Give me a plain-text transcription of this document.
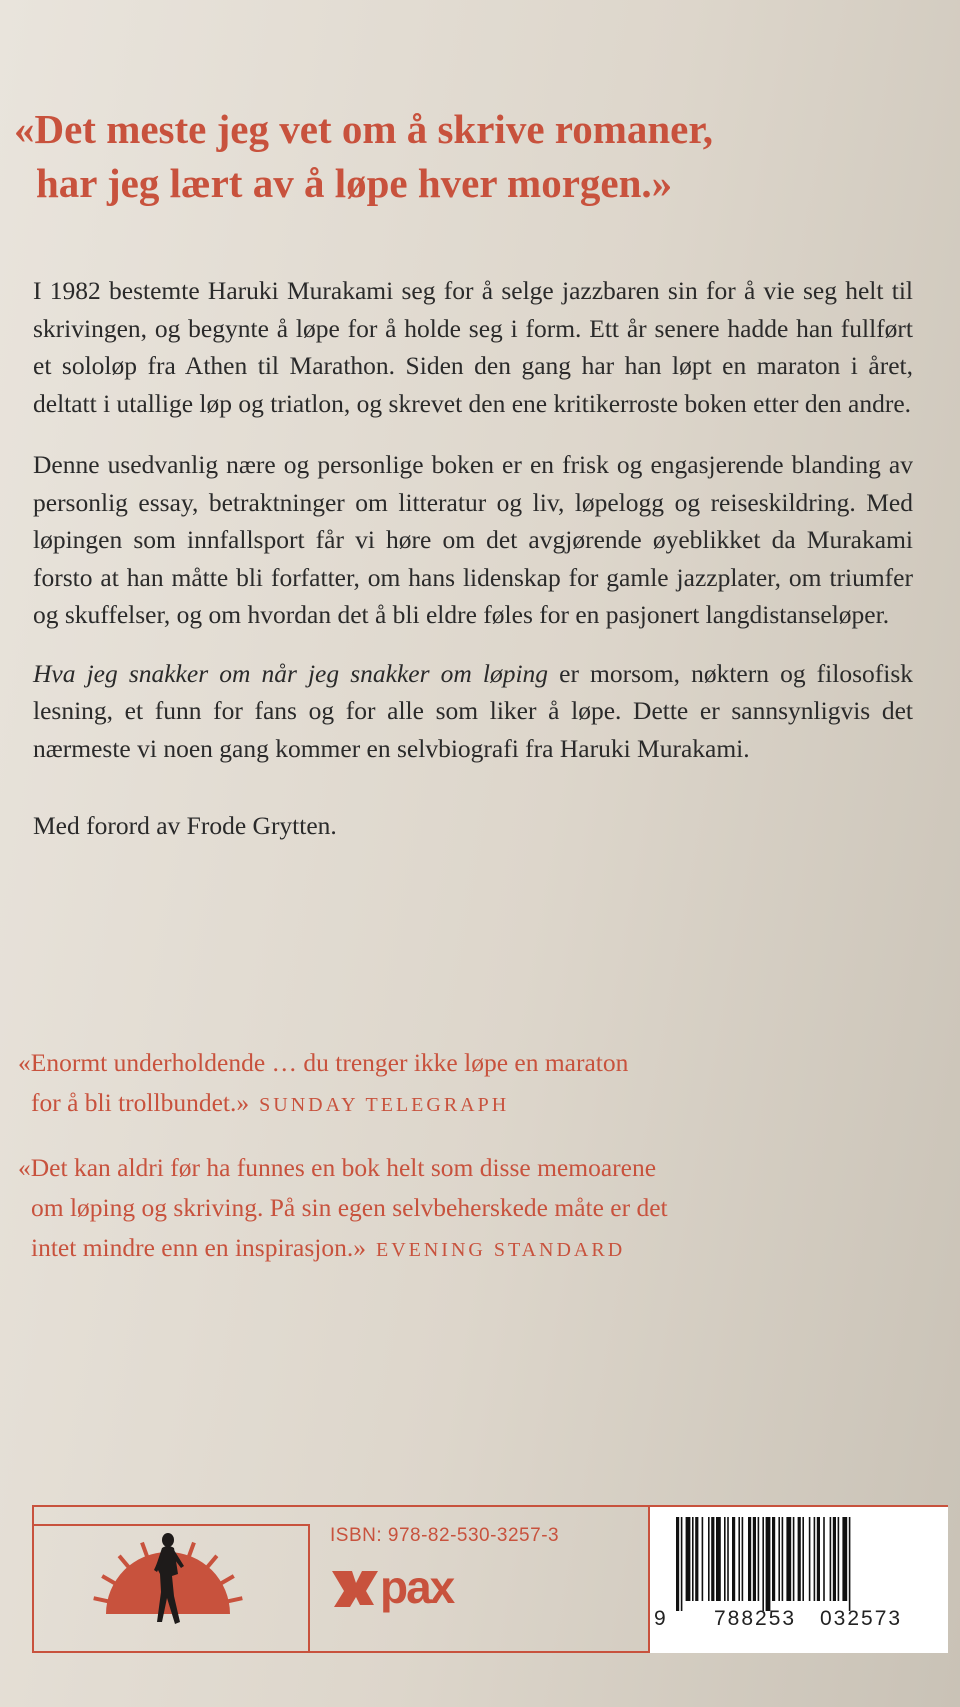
«Det meste jeg vet om å skrive romaner,
har jeg lært av å løpe hver morgen.»

I 1982 bestemte Haruki Murakami seg for å selge jazzbaren sin for å vie seg helt til skrivingen, og begynte å løpe for å holde seg i form. Ett år senere hadde han fullført et sololøp fra Athen til Marathon. Siden den gang har han løpt en maraton i året, deltatt i utallige løp og triatlon, og skrevet den ene kritikerroste boken etter den andre.

Denne usedvanlig nære og personlige boken er en frisk og engasjerende blanding av personlig essay, betraktninger om litteratur og liv, løpelogg og reiseskildring. Med løpingen som innfallsport får vi høre om det avgjørende øyeblikket da Murakami forsto at han måtte bli forfatter, om hans lidenskap for gamle jazzplater, om triumfer og skuffelser, og om hvordan det å bli eldre føles for en pasjonert langdistanseløper.

Hva jeg snakker om når jeg snakker om løping er morsom, nøktern og filosofisk lesning, et funn for fans og for alle som liker å løpe. Dette er sannsynligvis det nærmeste vi noen gang kommer en selvbiografi fra Haruki Murakami.

Med forord av Frode Grytten.

«Enormt underholdende … du trenger ikke løpe en maraton
for å bli trollbundet.» SUNDAY TELEGRAPH
«Det kan aldri før ha funnes en bok helt som disse memoarene
om løping og skriving. På sin egen selvbeherskede måte er det
intet mindre enn en inspirasjon.» EVENING STANDARD
ISBN: 978-82-530-3257-3
pax
9 788253 032573
